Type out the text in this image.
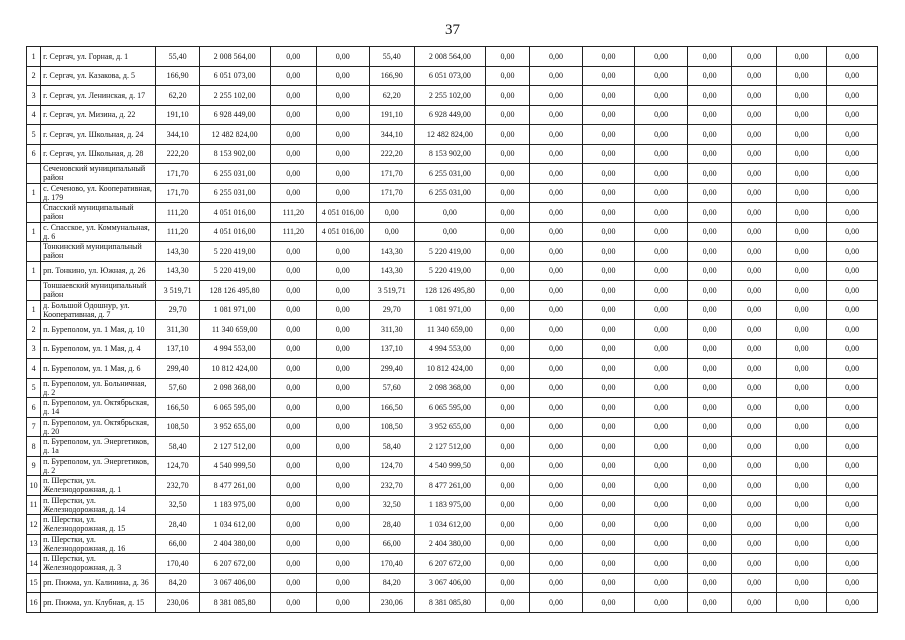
37
1	г. Сергач, ул. Горная, д. 1	55,40	2 008 564,00	0,00	0,00	55,40	2 008 564,00	0,00	0,00	0,00	0,00	0,00	0,00	0,00	0,00
2	г. Сергач, ул. Казакова, д. 5	166,90	6 051 073,00	0,00	0,00	166,90	6 051 073,00	0,00	0,00	0,00	0,00	0,00	0,00	0,00	0,00
3	г. Сергач, ул. Ленинская, д. 17	62,20	2 255 102,00	0,00	0,00	62,20	2 255 102,00	0,00	0,00	0,00	0,00	0,00	0,00	0,00	0,00
4	г. Сергач, ул. Мизина, д. 22	191,10	6 928 449,00	0,00	0,00	191,10	6 928 449,00	0,00	0,00	0,00	0,00	0,00	0,00	0,00	0,00
5	г. Сергач, ул. Школьная, д. 24	344,10	12 482 824,00	0,00	0,00	344,10	12 482 824,00	0,00	0,00	0,00	0,00	0,00	0,00	0,00	0,00
6	г. Сергач, ул. Школьная, д. 28	222,20	8 153 902,00	0,00	0,00	222,20	8 153 902,00	0,00	0,00	0,00	0,00	0,00	0,00	0,00	0,00
	Сеченовский муниципальный район	171,70	6 255 031,00	0,00	0,00	171,70	6 255 031,00	0,00	0,00	0,00	0,00	0,00	0,00	0,00	0,00
1	с. Сеченово, ул. Кооперативная, д. 179	171,70	6 255 031,00	0,00	0,00	171,70	6 255 031,00	0,00	0,00	0,00	0,00	0,00	0,00	0,00	0,00
	Спасский муниципальный район	111,20	4 051 016,00	111,20	4 051 016,00	0,00	0,00	0,00	0,00	0,00	0,00	0,00	0,00	0,00	0,00
1	с. Спасское, ул. Коммунальная, д. 6	111,20	4 051 016,00	111,20	4 051 016,00	0,00	0,00	0,00	0,00	0,00	0,00	0,00	0,00	0,00	0,00
	Тонкинский муниципальный район	143,30	5 220 419,00	0,00	0,00	143,30	5 220 419,00	0,00	0,00	0,00	0,00	0,00	0,00	0,00	0,00
1	рп. Тонкино, ул. Южная, д. 26	143,30	5 220 419,00	0,00	0,00	143,30	5 220 419,00	0,00	0,00	0,00	0,00	0,00	0,00	0,00	0,00
	Тоншаевский муниципальный район	3 519,71	128 126 495,80	0,00	0,00	3 519,71	128 126 495,80	0,00	0,00	0,00	0,00	0,00	0,00	0,00	0,00
1	д. Большой Одошнур, ул. Кооперативная, д. 7	29,70	1 081 971,00	0,00	0,00	29,70	1 081 971,00	0,00	0,00	0,00	0,00	0,00	0,00	0,00	0,00
2	п. Буреполом, ул. 1 Мая, д. 10	311,30	11 340 659,00	0,00	0,00	311,30	11 340 659,00	0,00	0,00	0,00	0,00	0,00	0,00	0,00	0,00
3	п. Буреполом, ул. 1 Мая, д. 4	137,10	4 994 553,00	0,00	0,00	137,10	4 994 553,00	0,00	0,00	0,00	0,00	0,00	0,00	0,00	0,00
4	п. Буреполом, ул. 1 Мая, д. 6	299,40	10 812 424,00	0,00	0,00	299,40	10 812 424,00	0,00	0,00	0,00	0,00	0,00	0,00	0,00	0,00
5	п. Буреполом, ул. Больничная, д. 2	57,60	2 098 368,00	0,00	0,00	57,60	2 098 368,00	0,00	0,00	0,00	0,00	0,00	0,00	0,00	0,00
6	п. Буреполом, ул. Октябрьская, д. 14	166,50	6 065 595,00	0,00	0,00	166,50	6 065 595,00	0,00	0,00	0,00	0,00	0,00	0,00	0,00	0,00
7	п. Буреполом, ул. Октябрьская, д. 20	108,50	3 952 655,00	0,00	0,00	108,50	3 952 655,00	0,00	0,00	0,00	0,00	0,00	0,00	0,00	0,00
8	п. Буреполом, ул. Энергетиков, д. 1а	58,40	2 127 512,00	0,00	0,00	58,40	2 127 512,00	0,00	0,00	0,00	0,00	0,00	0,00	0,00	0,00
9	п. Буреполом, ул. Энергетиков, д. 2	124,70	4 540 999,50	0,00	0,00	124,70	4 540 999,50	0,00	0,00	0,00	0,00	0,00	0,00	0,00	0,00
10	п. Шерстки, ул. Железнодорожная, д. 1	232,70	8 477 261,00	0,00	0,00	232,70	8 477 261,00	0,00	0,00	0,00	0,00	0,00	0,00	0,00	0,00
11	п. Шерстки, ул. Железнодорожная, д. 14	32,50	1 183 975,00	0,00	0,00	32,50	1 183 975,00	0,00	0,00	0,00	0,00	0,00	0,00	0,00	0,00
12	п. Шерстки, ул. Железнодорожная, д. 15	28,40	1 034 612,00	0,00	0,00	28,40	1 034 612,00	0,00	0,00	0,00	0,00	0,00	0,00	0,00	0,00
13	п. Шерстки, ул. Железнодорожная, д. 16	66,00	2 404 380,00	0,00	0,00	66,00	2 404 380,00	0,00	0,00	0,00	0,00	0,00	0,00	0,00	0,00
14	п. Шерстки, ул. Железнодорожная, д. 3	170,40	6 207 672,00	0,00	0,00	170,40	6 207 672,00	0,00	0,00	0,00	0,00	0,00	0,00	0,00	0,00
15	рп. Пижма, ул. Калинина, д. 36	84,20	3 067 406,00	0,00	0,00	84,20	3 067 406,00	0,00	0,00	0,00	0,00	0,00	0,00	0,00	0,00
16	рп. Пижма, ул. Клубная, д. 15	230,06	8 381 085,80	0,00	0,00	230,06	8 381 085,80	0,00	0,00	0,00	0,00	0,00	0,00	0,00	0,00
